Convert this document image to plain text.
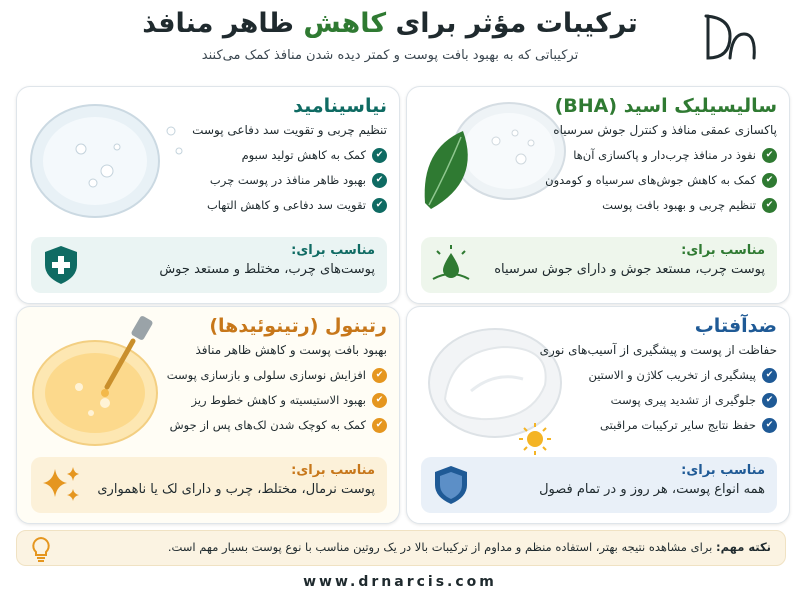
ترکیبات مؤثر برای کاهش ظاهر منافذ
ترکیباتی که به بهبود بافت پوست و کمتر دیده شدن منافذ کمک می‌کنند
سالیسیلیک اسید (BHA)
پاکسازی عمقی منافذ و کنترل جوش سرسیاه
✔
نفوذ در منافذ چرب‌دار و پاکسازی آن‌ها
✔
کمک به کاهش جوش‌های سرسیاه و کومدون
✔
تنظیم چربی و بهبود بافت پوست
مناسب برای:
پوست چرب، مستعد جوش و دارای جوش سرسیاه
نیاسینامید
تنظیم چربی و تقویت سد دفاعی پوست
✔
کمک به کاهش تولید سبوم
✔
بهبود ظاهر منافذ در پوست چرب
✔
تقویت سد دفاعی و کاهش التهاب
مناسب برای:
پوست‌های چرب، مختلط و مستعد جوش
رتینول (رتینوئیدها)
بهبود بافت پوست و کاهش ظاهر منافذ
✔
افزایش نوسازی سلولی و بازسازی پوست
✔
بهبود الاستیسیته و کاهش خطوط ریز
✔
کمک به کوچک شدن لک‌های پس از جوش
مناسب برای:
پوست نرمال، مختلط، چرب و دارای لک یا ناهمواری
ضدآفتاب
حفاظت از پوست و پیشگیری از آسیب‌های نوری
✔
پیشگیری از تخریب کلاژن و الاستین
✔
جلوگیری از تشدید پیری پوست
✔
حفظ نتایج سایر ترکیبات مراقبتی
مناسب برای:
همه انواع پوست، هر روز و در تمام فصول
نکته مهم: برای مشاهده نتیجه بهتر، استفاده منظم و مداوم از ترکیبات بالا در یک روتین مناسب با نوع پوست بسیار مهم است.
www.drnarcis.com
